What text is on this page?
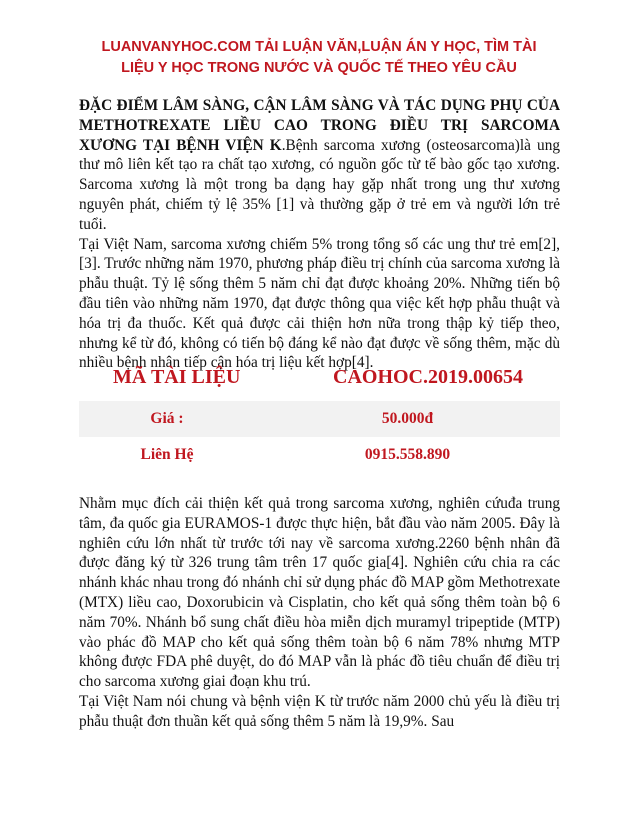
LUANVANYHOC.COM TẢI LUẬN VĂN,LUẬN ÁN Y HỌC, TÌM TÀI
LIỆU Y HỌC TRONG NƯỚC VÀ QUỐC TẾ THEO YÊU CẦU

ĐẶC ĐIỂM LÂM SÀNG, CẬN LÂM SÀNG VÀ TÁC DỤNG PHỤ CỦA METHOTREXATE LIỀU CAO TRONG ĐIỀU TRỊ SARCOMA XƯƠNG TẠI BỆNH VIỆN K.Bệnh sarcoma xương (osteosarcoma)là ung thư mô liên kết tạo ra chất tạo xương, có nguồn gốc từ tế bào gốc tạo xương. Sarcoma xương là một trong ba dạng hay gặp nhất trong ung thư xương nguyên phát, chiếm tỷ lệ 35% [1] và thường gặp ở trẻ em và người lớn trẻ tuổi.

Tại Việt Nam, sarcoma xương chiếm 5% trong tổng số các ung thư trẻ em[2], [3]. Trước những năm 1970, phương pháp điều trị chính của sarcoma xương là phẫu thuật. Tỷ lệ sống thêm 5 năm chỉ đạt được khoảng 20%. Những tiến bộ đầu tiên vào những năm 1970, đạt được thông qua việc kết hợp phẫu thuật và hóa trị đa thuốc. Kết quả được cải thiện hơn nữa trong thập kỷ tiếp theo, nhưng kể từ đó, không có tiến bộ đáng kể nào đạt được về sống thêm, mặc dù nhiều bệnh nhân tiếp cận hóa trị liệu kết hợp[4].

MÃ TÀI LIỆU	CAOHOC.2019.00654
Giá :	50.000đ
Liên Hệ	0915.558.890

Nhằm mục đích cải thiện kết quả trong sarcoma xương, nghiên cứuđa trung tâm, đa quốc gia EURAMOS-1 được thực hiện, bắt đầu vào năm 2005. Đây là nghiên cứu lớn nhất từ trước tới nay về sarcoma xương.2260 bệnh nhân đã được đăng ký từ 326 trung tâm trên 17 quốc gia[4]. Nghiên cứu chia ra các nhánh khác nhau trong đó nhánh chỉ sử dụng phác đồ MAP gồm Methotrexate (MTX) liều cao, Doxorubicin và Cisplatin, cho kết quả sống thêm toàn bộ 6 năm 70%. Nhánh bổ sung chất điều hòa miễn dịch muramyl tripeptide (MTP) vào phác đồ MAP cho kết quả sống thêm toàn bộ 6 năm 78% nhưng MTP không được FDA phê duyệt, do đó MAP vẫn là phác đồ tiêu chuẩn để điều trị cho sarcoma xương giai đoạn khu trú.

Tại Việt Nam nói chung và bệnh viện K từ trước năm 2000 chủ yếu là điều trị phẫu thuật đơn thuần kết quả sống thêm 5 năm là 19,9%. Sau
